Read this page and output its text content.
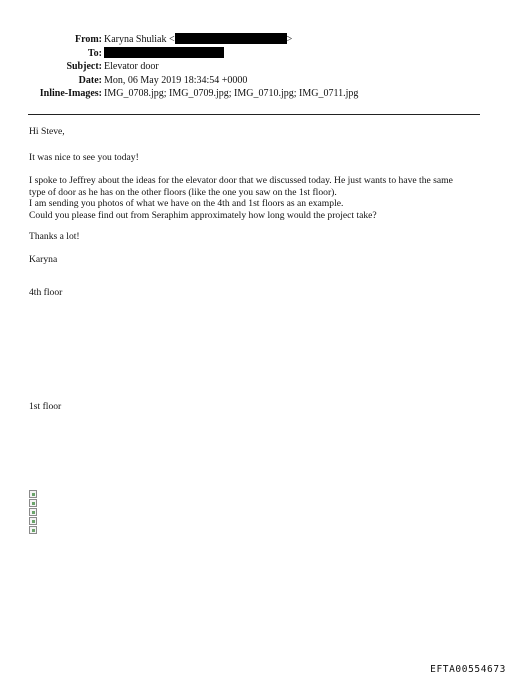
From: Karyna Shuliak <	>
To:
Subject: Elevator door
Date: Mon, 06 May 2019 18:34:54 +0000
Inline-Images: IMG_0708.jpg; IMG_0709.jpg; IMG_0710.jpg; IMG_0711.jpg

Hi Steve,

It was nice to see you today!

I spoke to Jeffrey about the ideas for the elevator door that we discussed today. He just wants to have the same

type of door as he has on the other floors (like the one you saw on the 1st floor).

I am sending you photos of what we have on the 4th and 1st floors as an example.

Could you please find out from Seraphim approximately how long would the project take?

Thanks a lot!

Karyna

4th floor

1st floor

EFTA00554673
